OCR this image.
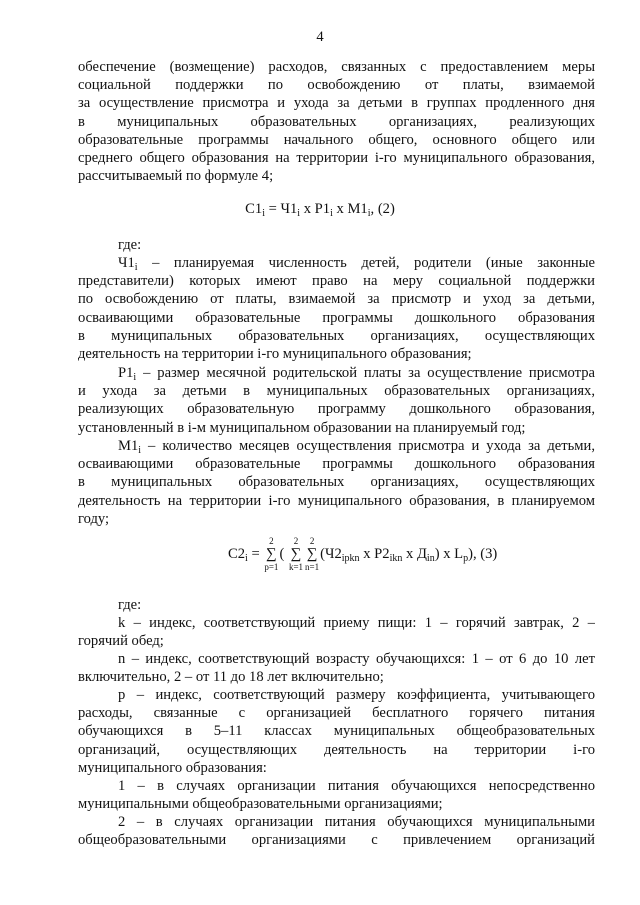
4

обеспечение (возмещение) расходов, связанных с предоставлением меры

социальной поддержки по освобождению от платы, взимаемой

за осуществление присмотра и ухода за детьми в группах продленного дня

в муниципальных образовательных организациях, реализующих

образовательные программы начального общего, основного общего или

среднего общего образования на территории i-го муниципального образования,

рассчитываемый по формуле 4;

$С1_i = Ч1_i$ x $Р1_i$ x $М1_i$, (2)

где:

$Ч1_i$ – планируемая численность детей, родители (иные законные

представители) которых имеют право на меру социальной поддержки

по освобождению от платы, взимаемой за присмотр и уход за детьми,

осваивающими образовательные программы дошкольного образования

в муниципальных образовательных организациях, осуществляющих

деятельность на территории i-го муниципального образования;

$Р1_i$ – размер месячной родительской платы за осуществление присмотра

и ухода за детьми в муниципальных образовательных организациях,

реализующих образовательную программу дошкольного образования,

установленный в i-м муниципальном образовании на планируемый год;

$М1_i$ – количество месяцев осуществления присмотра и ухода за детьми,

осваивающими образовательные программы дошкольного образования

в муниципальных образовательных организациях, осуществляющих

деятельность на территории i-го муниципального образования, в планируемом

году;

$С2_i$ =
2
∑
p=1
(
2
∑
k=1
2
∑
n=1
($Ч2_{ipkn}$ x $Р2_{ikn}$ x $Д_{in}$) x $L_p$), (3)

где:

k – индекс, соответствующий приему пищи: 1 – горячий завтрак, 2 –

горячий обед;

n – индекс, соответствующий возрасту обучающихся: 1 – от 6 до 10 лет

включительно, 2 – от 11 до 18 лет включительно;

р – индекс, соответствующий размеру коэффициента, учитывающего

расходы, связанные с организацией бесплатного горячего питания

обучающихся в 5–11 классах муниципальных общеобразовательных

организаций, осуществляющих деятельность на территории i-го

муниципального образования:

1 – в случаях организации питания обучающихся непосредственно

муниципальными общеобразовательными организациями;

2 – в случаях организации питания обучающихся муниципальными

общеобразовательными организациями с привлечением организаций
